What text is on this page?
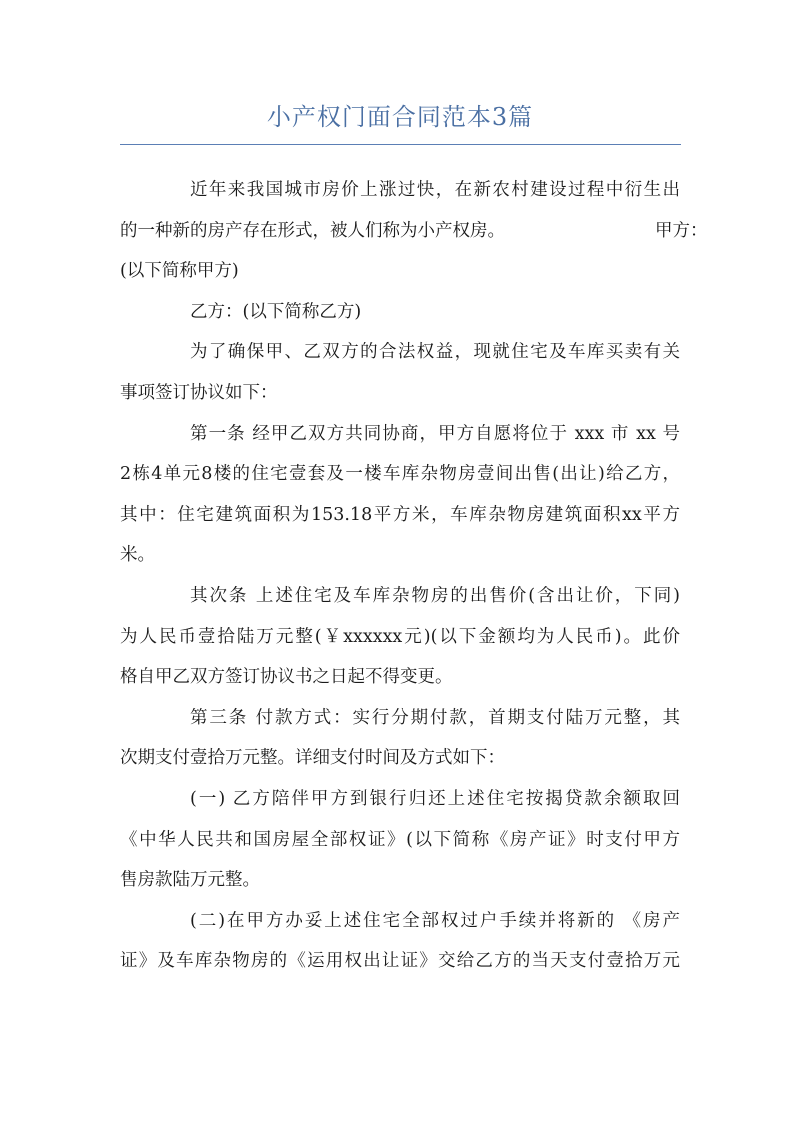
小产权门面合同范本3篇
近年来我国城市房价上涨过快，在新农村建设过程中衍生出
的一种新的房产存在形式，被人们称为小产权房。	甲方：
(以下简称甲方)
乙方：(以下简称乙方)
为了确保甲、乙双方的合法权益，现就住宅及车库买卖有关
事项签订协议如下：
第一条 经甲乙双方共同协商，甲方自愿将位于 xxx 市 xx 号
2栋4单元8楼的住宅壹套及一楼车库杂物房壹间出售(出让)给乙方，
其中：住宅建筑面积为153.18平方米，车库杂物房建筑面积xx平方
米。
其次条 上述住宅及车库杂物房的出售价(含出让价，下同)
为人民币壹拾陆万元整(￥xxxxxx元)(以下金额均为人民币)。此价
格自甲乙双方签订协议书之日起不得变更。
第三条 付款方式：实行分期付款，首期支付陆万元整，其
次期支付壹拾万元整。详细支付时间及方式如下：
(一) 乙方陪伴甲方到银行归还上述住宅按揭贷款余额取回
《中华人民共和国房屋全部权证》(以下简称《房产证》时支付甲方
售房款陆万元整。
(二)在甲方办妥上述住宅全部权过户手续并将新的 《房产
证》及车库杂物房的《运用权出让证》交给乙方的当天支付壹拾万元
